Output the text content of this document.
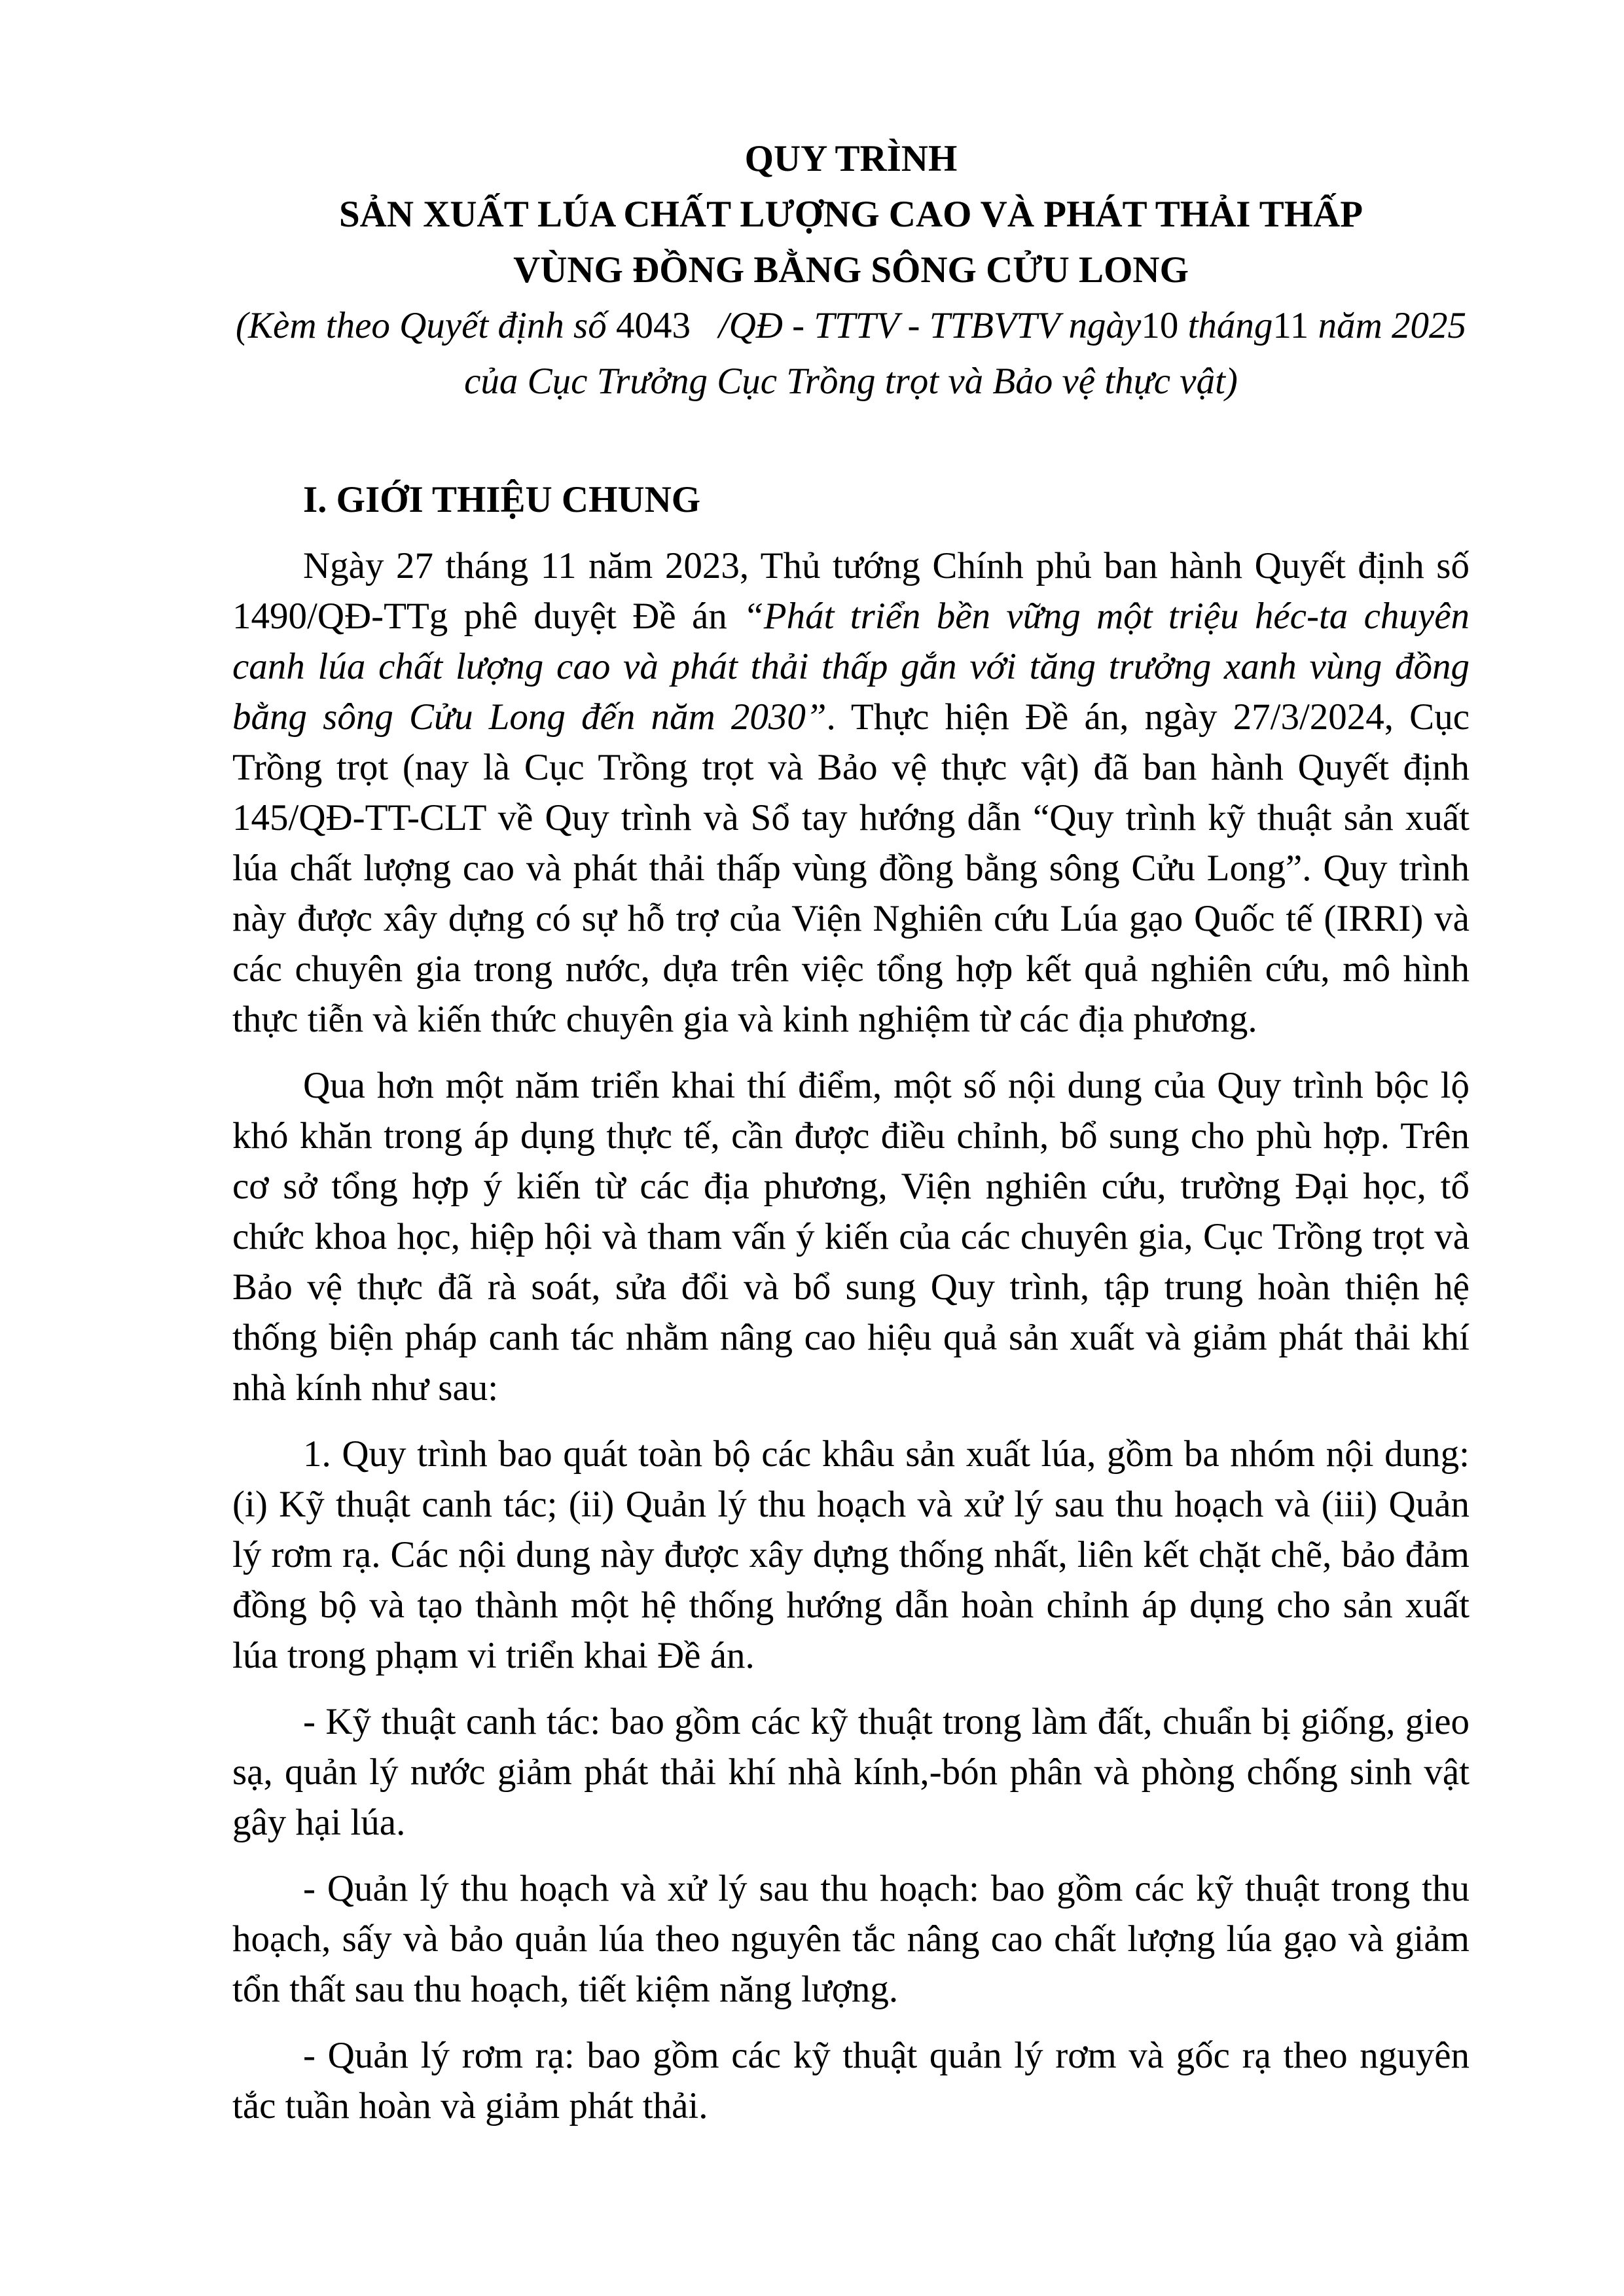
QUY TRÌNH
SẢN XUẤT LÚA CHẤT LƯỢNG CAO VÀ PHÁT THẢI THẤP
VÙNG ĐỒNG BẰNG SÔNG CỬU LONG
(Kèm theo Quyết định số 4043   /QĐ - TTTV - TTBVTV ngày10 tháng11 năm 2025
của Cục Trưởng Cục Trồng trọt và Bảo vệ thực vật)
I. GIỚI THIỆU CHUNG
Ngày 27 tháng 11 năm 2023, Thủ tướng Chính phủ ban hành Quyết định số 1490/QĐ-TTg phê duyệt Đề án “Phát triển bền vững một triệu héc-ta chuyên canh lúa chất lượng cao và phát thải thấp gắn với tăng trưởng xanh vùng đồng bằng sông Cửu Long đến năm 2030”. Thực hiện Đề án, ngày 27/3/2024, Cục Trồng trọt (nay là Cục Trồng trọt và Bảo vệ thực vật) đã ban hành Quyết định 145/QĐ-TT-CLT về Quy trình và Sổ tay hướng dẫn “Quy trình kỹ thuật sản xuất lúa chất lượng cao và phát thải thấp vùng đồng bằng sông Cửu Long”. Quy trình này được xây dựng có sự hỗ trợ của Viện Nghiên cứu Lúa gạo Quốc tế (IRRI) và các chuyên gia trong nước, dựa trên việc tổng hợp kết quả nghiên cứu, mô hình thực tiễn và kiến thức chuyên gia và kinh nghiệm từ các địa phương.
Qua hơn một năm triển khai thí điểm, một số nội dung của Quy trình bộc lộ khó khăn trong áp dụng thực tế, cần được điều chỉnh, bổ sung cho phù hợp. Trên cơ sở tổng hợp ý kiến từ các địa phương, Viện nghiên cứu, trường Đại học, tổ chức khoa học, hiệp hội và tham vấn ý kiến của các chuyên gia, Cục Trồng trọt và Bảo vệ thực đã rà soát, sửa đổi và bổ sung Quy trình, tập trung hoàn thiện hệ thống biện pháp canh tác nhằm nâng cao hiệu quả sản xuất và giảm phát thải khí nhà kính như sau:
1. Quy trình bao quát toàn bộ các khâu sản xuất lúa, gồm ba nhóm nội dung: (i) Kỹ thuật canh tác; (ii) Quản lý thu hoạch và xử lý sau thu hoạch và (iii) Quản lý rơm rạ. Các nội dung này được xây dựng thống nhất, liên kết chặt chẽ, bảo đảm đồng bộ và tạo thành một hệ thống hướng dẫn hoàn chỉnh áp dụng cho sản xuất lúa trong phạm vi triển khai Đề án.
- Kỹ thuật canh tác: bao gồm các kỹ thuật trong làm đất, chuẩn bị giống, gieo sạ, quản lý nước giảm phát thải khí nhà kính,-bón phân và phòng chống sinh vật gây hại lúa.
- Quản lý thu hoạch và xử lý sau thu hoạch: bao gồm các kỹ thuật trong thu hoạch, sấy và bảo quản lúa theo nguyên tắc nâng cao chất lượng lúa gạo và giảm tổn thất sau thu hoạch, tiết kiệm năng lượng.
- Quản lý rơm rạ: bao gồm các kỹ thuật quản lý rơm và gốc rạ theo nguyên tắc tuần hoàn và giảm phát thải.
